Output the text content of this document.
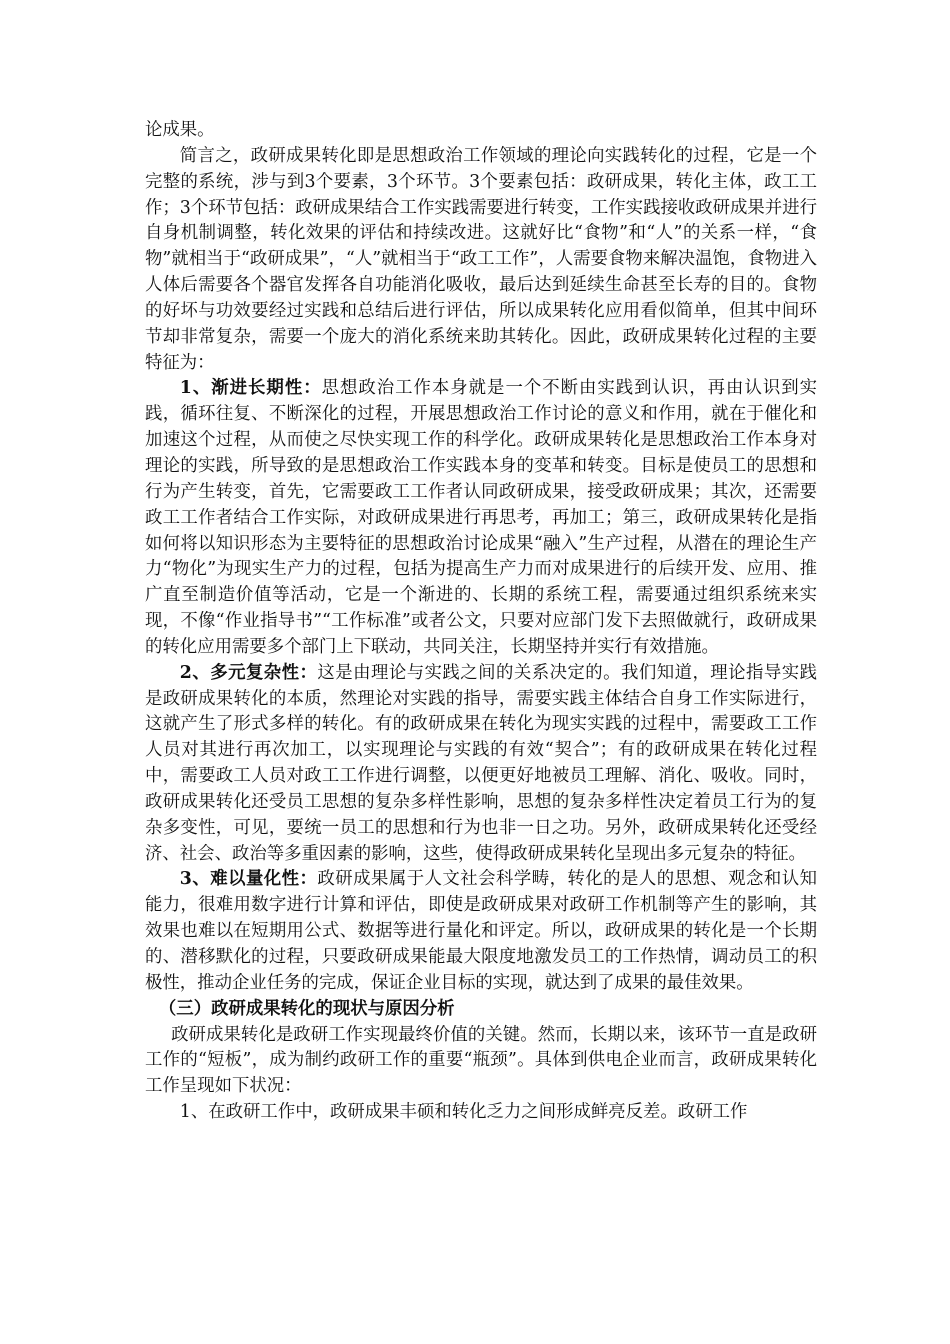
论成果。

简言之，政研成果转化即是思想政治工作领域的理论向实践转化的过程，它是一个完整的系统，涉与到3个要素，3个环节。3个要素包括：政研成果，转化主体，政工工作；3个环节包括：政研成果结合工作实践需要进行转变，工作实践接收政研成果并进行自身机制调整，转化效果的评估和持续改进。这就好比“食物”和“人”的关系一样，“食物”就相当于“政研成果”，“人”就相当于“政工工作”，人需要食物来解决温饱，食物进入人体后需要各个器官发挥各自功能消化吸收，最后达到延续生命甚至长寿的目的。食物的好坏与功效要经过实践和总结后进行评估，所以成果转化应用看似简单，但其中间环节却非常复杂，需要一个庞大的消化系统来助其转化。因此，政研成果转化过程的主要特征为：

1、渐进长期性：思想政治工作本身就是一个不断由实践到认识，再由认识到实践，循环往复、不断深化的过程，开展思想政治工作讨论的意义和作用，就在于催化和加速这个过程，从而使之尽快实现工作的科学化。政研成果转化是思想政治工作本身对理论的实践，所导致的是思想政治工作实践本身的变革和转变。目标是使员工的思想和行为产生转变，首先，它需要政工工作者认同政研成果，接受政研成果；其次，还需要政工工作者结合工作实际，对政研成果进行再思考，再加工；第三，政研成果转化是指如何将以知识形态为主要特征的思想政治讨论成果“融入”生产过程，从潜在的理论生产力“物化”为现实生产力的过程，包括为提高生产力而对成果进行的后续开发、应用、推广直至制造价值等活动，它是一个渐进的、长期的系统工程，需要通过组织系统来实现，不像“作业指导书”“工作标准”或者公文，只要对应部门发下去照做就行，政研成果的转化应用需要多个部门上下联动，共同关注，长期坚持并实行有效措施。

2、多元复杂性：这是由理论与实践之间的关系决定的。我们知道，理论指导实践是政研成果转化的本质，然理论对实践的指导，需要实践主体结合自身工作实际进行，这就产生了形式多样的转化。有的政研成果在转化为现实实践的过程中，需要政工工作人员对其进行再次加工，以实现理论与实践的有效“契合”；有的政研成果在转化过程中，需要政工人员对政工工作进行调整，以便更好地被员工理解、消化、吸收。同时，政研成果转化还受员工思想的复杂多样性影响，思想的复杂多样性决定着员工行为的复杂多变性，可见，要统一员工的思想和行为也非一日之功。另外，政研成果转化还受经济、社会、政治等多重因素的影响，这些，使得政研成果转化呈现出多元复杂的特征。

3、难以量化性：政研成果属于人文社会科学畴，转化的是人的思想、观念和认知能力，很难用数字进行计算和评估，即使是政研成果对政研工作机制等产生的影响，其效果也难以在短期用公式、数据等进行量化和评定。所以，政研成果的转化是一个长期的、潜移默化的过程，只要政研成果能最大限度地激发员工的工作热情，调动员工的积极性，推动企业任务的完成，保证企业目标的实现，就达到了成果的最佳效果。

（三）政研成果转化的现状与原因分析

政研成果转化是政研工作实现最终价值的关键。然而，长期以来，该环节一直是政研工作的“短板”，成为制约政研工作的重要“瓶颈”。具体到供电企业而言，政研成果转化工作呈现如下状况：

1、在政研工作中，政研成果丰硕和转化乏力之间形成鲜亮反差。政研工作
